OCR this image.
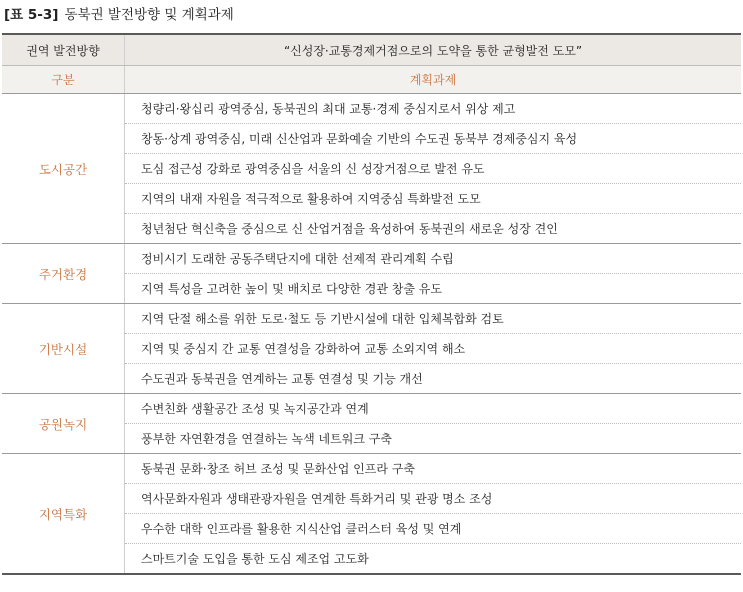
[표 5-3] 동북권 발전방향 및 계획과제
권역 발전방향	“신성장·교통경제거점으로의 도약을 통한 균형발전 도모”
구분	계획과제
도시공간	청량리·왕십리 광역중심, 동북권의 최대 교통·경제 중심지로서 위상 제고
	창동·상계 광역중심, 미래 신산업과 문화예술 기반의 수도권 동북부 경제중심지 육성
	도심 접근성 강화로 광역중심을 서울의 신 성장거점으로 발전 유도
	지역의 내재 자원을 적극적으로 활용하여 지역중심 특화발전 도모
	청년첨단 혁신축을 중심으로 신 산업거점을 육성하여 동북권의 새로운 성장 견인
주거환경	정비시기 도래한 공동주택단지에 대한 선제적 관리계획 수립
	지역 특성을 고려한 높이 및 배치로 다양한 경관 창출 유도
기반시설	지역 단절 해소를 위한 도로·철도 등 기반시설에 대한 입체복합화 검토
	지역 및 중심지 간 교통 연결성을 강화하여 교통 소외지역 해소
	수도권과 동북권을 연계하는 교통 연결성 및 기능 개선
공원녹지	수변친화 생활공간 조성 및 녹지공간과 연계
	풍부한 자연환경을 연결하는 녹색 네트워크 구축
지역특화	동북권 문화·창조 허브 조성 및 문화산업 인프라 구축
	역사문화자원과 생태관광자원을 연계한 특화거리 및 관광 명소 조성
	우수한 대학 인프라를 활용한 지식산업 클러스터 육성 및 연계
	스마트기술 도입을 통한 도심 제조업 고도화
